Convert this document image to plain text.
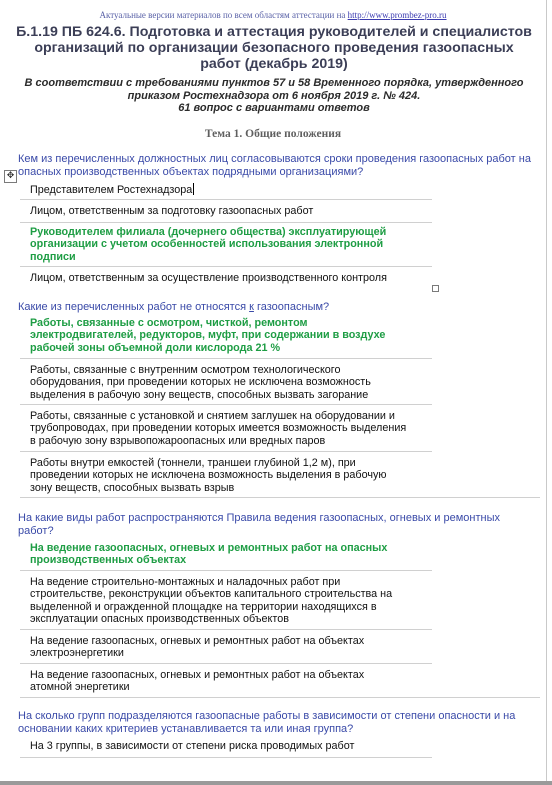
Актуальные версии материалов по всем областям аттестации на http://www.prombez-pro.ru
Б.1.19 ПБ 624.6. Подготовка и аттестация руководителей и специалистов организаций по организации безопасного проведения газоопасных работ (декабрь 2019)
В соответствии с требованиями пунктов 57 и 58 Временного порядка, утвержденного
приказом Ростехнадзора от 6 ноября 2019 г. № 424.
61 вопрос с вариантами ответов
Тема 1. Общие положения
✥
Кем из перечисленных должностных лиц согласовываются сроки проведения газоопасных работ на опасных производственных объектах подрядными организациями?
Представителем Ростехнадзора
Лицом, ответственным за подготовку газоопасных работ
Руководителем филиала (дочернего общества) эксплуатирующей организации с учетом особенностей использования электронной подписи
Лицом, ответственным за осуществление производственного контроля
Какие из перечисленных работ не относятся к газоопасным?
Работы, связанные с осмотром, чисткой, ремонтом электродвигателей, редукторов, муфт, при содержании в воздухе рабочей зоны объемной доли кислорода 21 %
Работы, связанные с внутренним осмотром технологического оборудования, при проведении которых не исключена возможность выделения в рабочую зону веществ, способных вызвать загорание
Работы, связанные с установкой и снятием заглушек на оборудовании и трубопроводах, при проведении которых имеется возможность выделения в рабочую зону взрывопожароопасных или вредных паров
Работы внутри емкостей (тоннели, траншеи глубиной 1,2 м), при проведении которых не исключена возможность выделения в рабочую зону веществ, способных вызвать взрыв
На какие виды работ распространяются Правила ведения газоопасных, огневых и ремонтных работ?
На ведение газоопасных, огневых и ремонтных работ на опасных производственных объектах
На ведение строительно-монтажных и наладочных работ при строительстве, реконструкции объектов капитального строительства на выделенной и огражденной площадке на территории находящихся в эксплуатации опасных производственных объектов
На ведение газоопасных, огневых и ремонтных работ на объектах электроэнергетики
На ведение газоопасных, огневых и ремонтных работ на объектах атомной энергетики
На сколько групп подразделяются газоопасные работы в зависимости от степени опасности и на основании каких критериев устанавливается та или иная группа?
На 3 группы, в зависимости от степени риска проводимых работ
